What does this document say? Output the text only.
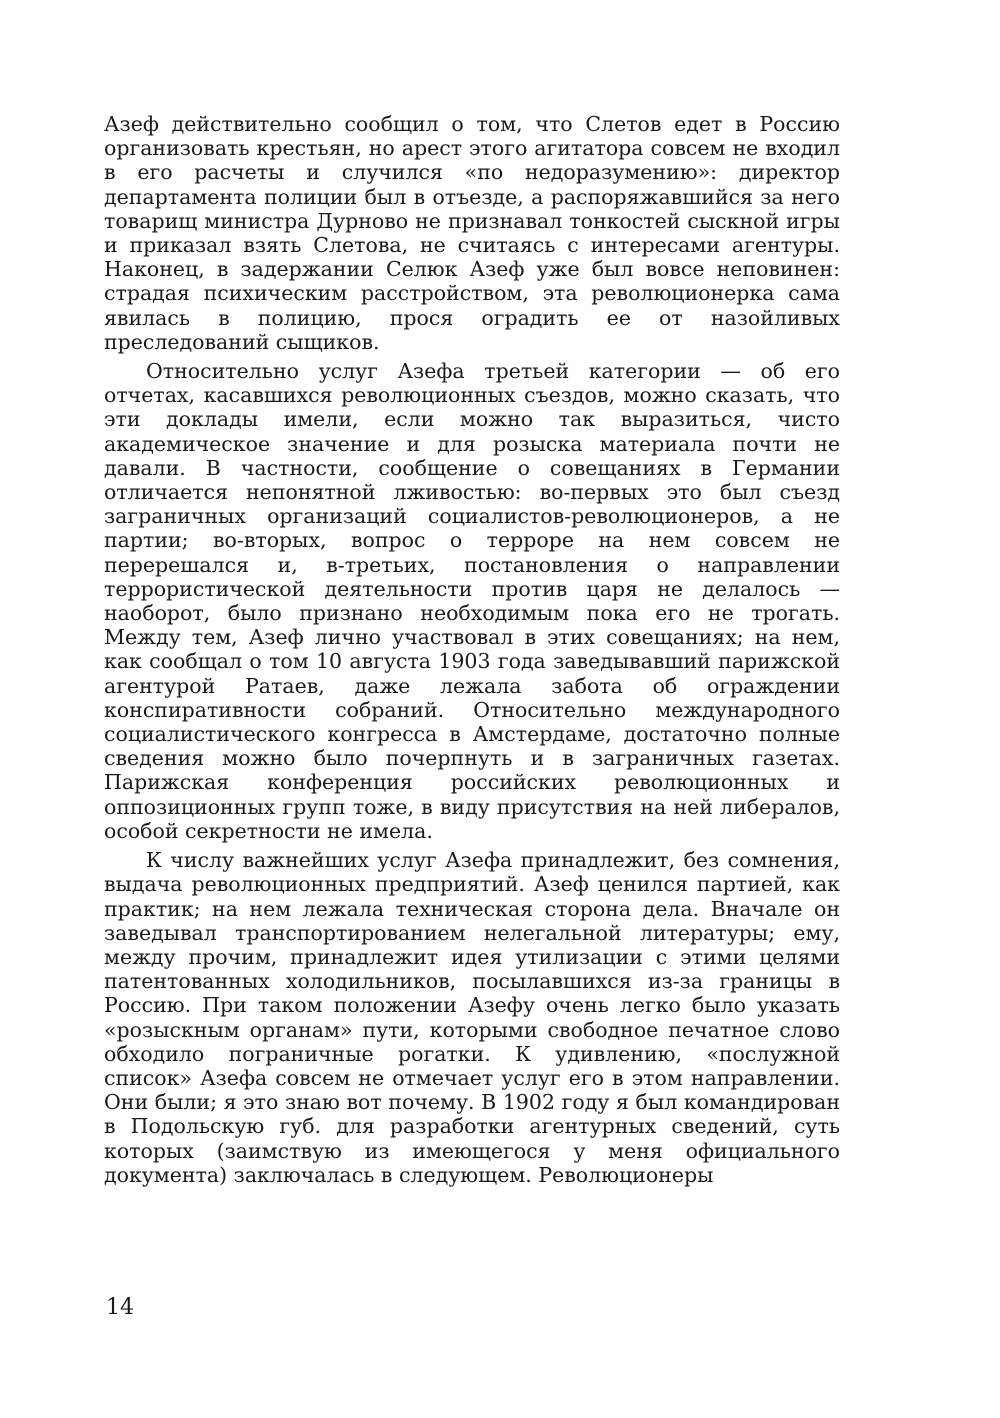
Азеф действительно сообщил о том, что Слетов едет в Россию организовать крестьян, но арест этого агитатора совсем не входил в его расчеты и случился «по недоразумению»: директор департамента полиции был в отъезде, а распоряжавшийся за него товарищ министра Дурново не признавал тонкостей сыскной игры и приказал взять Слетова, не считаясь с интересами агентуры. Наконец, в задержании Селюк Азеф уже был вовсе неповинен: страдая психическим расстройством, эта революционерка сама явилась в полицию, прося оградить ее от назойливых преследований сыщиков.

Относительно услуг Азефа третьей категории — об его отчетах, касавшихся революционных съездов, можно сказать, что эти доклады имели, если можно так выразиться, чисто академическое значение и для розыска материала почти не давали. В частности, сообщение о совещаниях в Германии отличается непонятной лживостью: во-первых это был съезд заграничных организаций социалистов-революционеров, а не партии; во-вторых, вопрос о терроре на нем совсем не перерешался и, в-третьих, постановления о направлении террористической деятельности против царя не делалось — наоборот, было признано необходимым пока его не трогать. Между тем, Азеф лично участвовал в этих совещаниях; на нем, как сообщал о том 10 августа 1903 года заведывавший парижской агентурой Ратаев, даже лежала забота об ограждении конспиративности собраний. Относительно международного социалистического конгресса в Амстердаме, достаточно полные сведения можно было почерпнуть и в заграничных газетах. Парижская конференция российских революционных и оппозиционных групп тоже, в виду присутствия на ней либералов, особой секретности не имела.

К числу важнейших услуг Азефа принадлежит, без сомнения, выдача революционных предприятий. Азеф ценился партией, как практик; на нем лежала техническая сторона дела. Вначале он заведывал транспортированием нелегальной литературы; ему, между прочим, принадлежит идея утилизации с этими целями патентованных холодильников, посылавшихся из-за границы в Россию. При таком положении Азефу очень легко было указать «розыскным органам» пути, которыми свободное печатное слово обходило пограничные рогатки. К удивлению, «послужной список» Азефа совсем не отмечает услуг его в этом направлении. Они были; я это знаю вот почему. В 1902 году я был командирован в Подольскую губ. для разработки агентурных сведений, суть которых (заимствую из имеющегося у меня официального документа) заключалась в следующем. Революционеры

14
